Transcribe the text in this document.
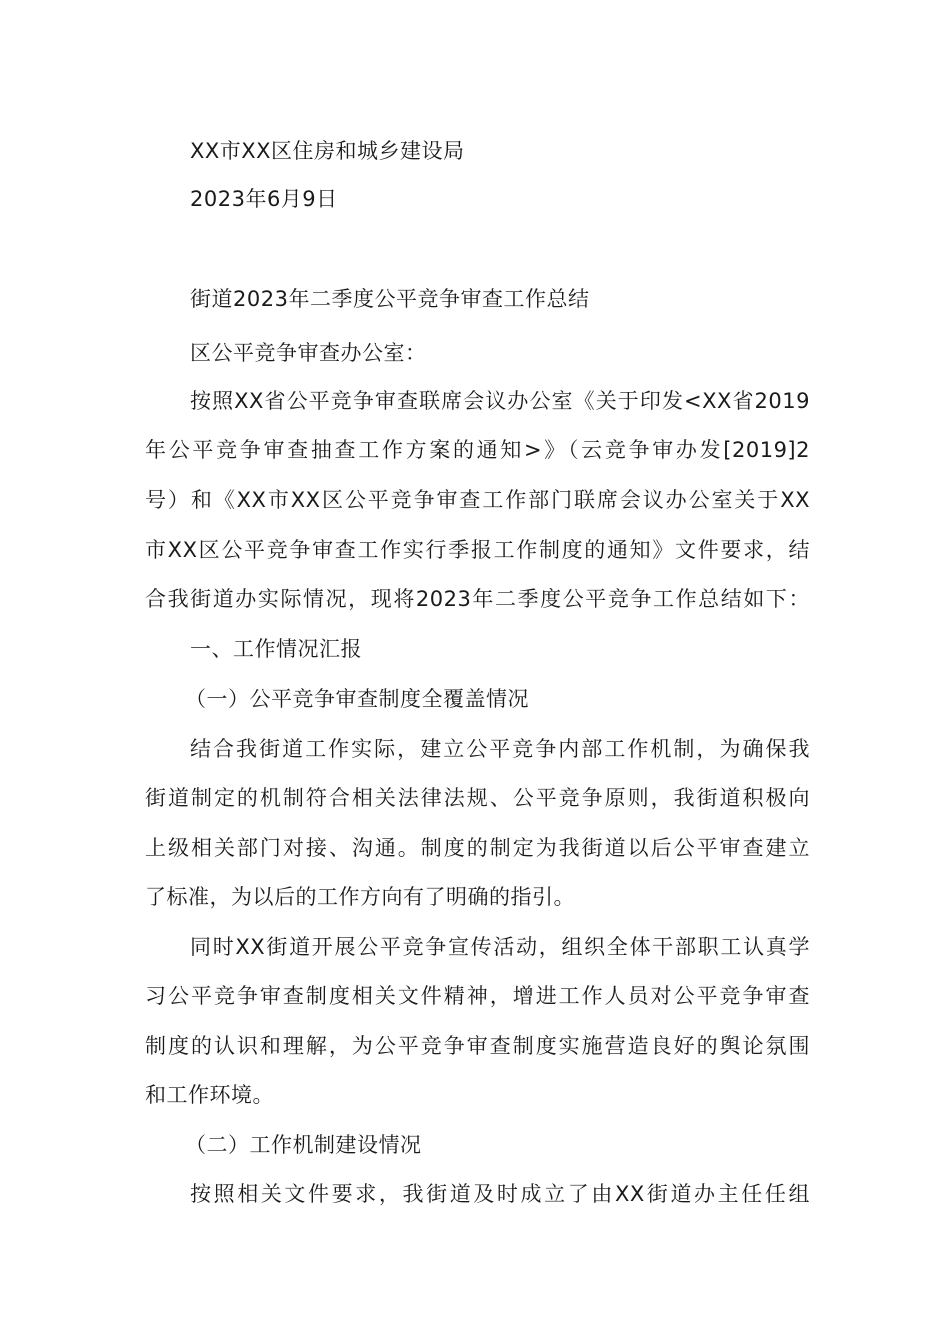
XX市XX区住房和城乡建设局
2023年6月9日
街道2023年二季度公平竞争审查工作总结
区公平竞争审查办公室：
按照XX省公平竞争审查联席会议办公室《关于印发<XX省2019
年公平竞争审查抽查工作方案的通知>》（云竞争审办发[2019]2
号）和《XX市XX区公平竞争审查工作部门联席会议办公室关于XX
市XX区公平竞争审查工作实行季报工作制度的通知》文件要求，结
合我街道办实际情况，现将2023年二季度公平竞争工作总结如下：
一、工作情况汇报
（一）公平竞争审查制度全覆盖情况
结合我街道工作实际，建立公平竞争内部工作机制，为确保我
街道制定的机制符合相关法律法规、公平竞争原则，我街道积极向
上级相关部门对接、沟通。制度的制定为我街道以后公平审查建立
了标准，为以后的工作方向有了明确的指引。
同时XX街道开展公平竞争宣传活动，组织全体干部职工认真学
习公平竞争审查制度相关文件精神，增进工作人员对公平竞争审查
制度的认识和理解，为公平竞争审查制度实施营造良好的舆论氛围
和工作环境。
（二）工作机制建设情况
按照相关文件要求，我街道及时成立了由XX街道办主任任组
